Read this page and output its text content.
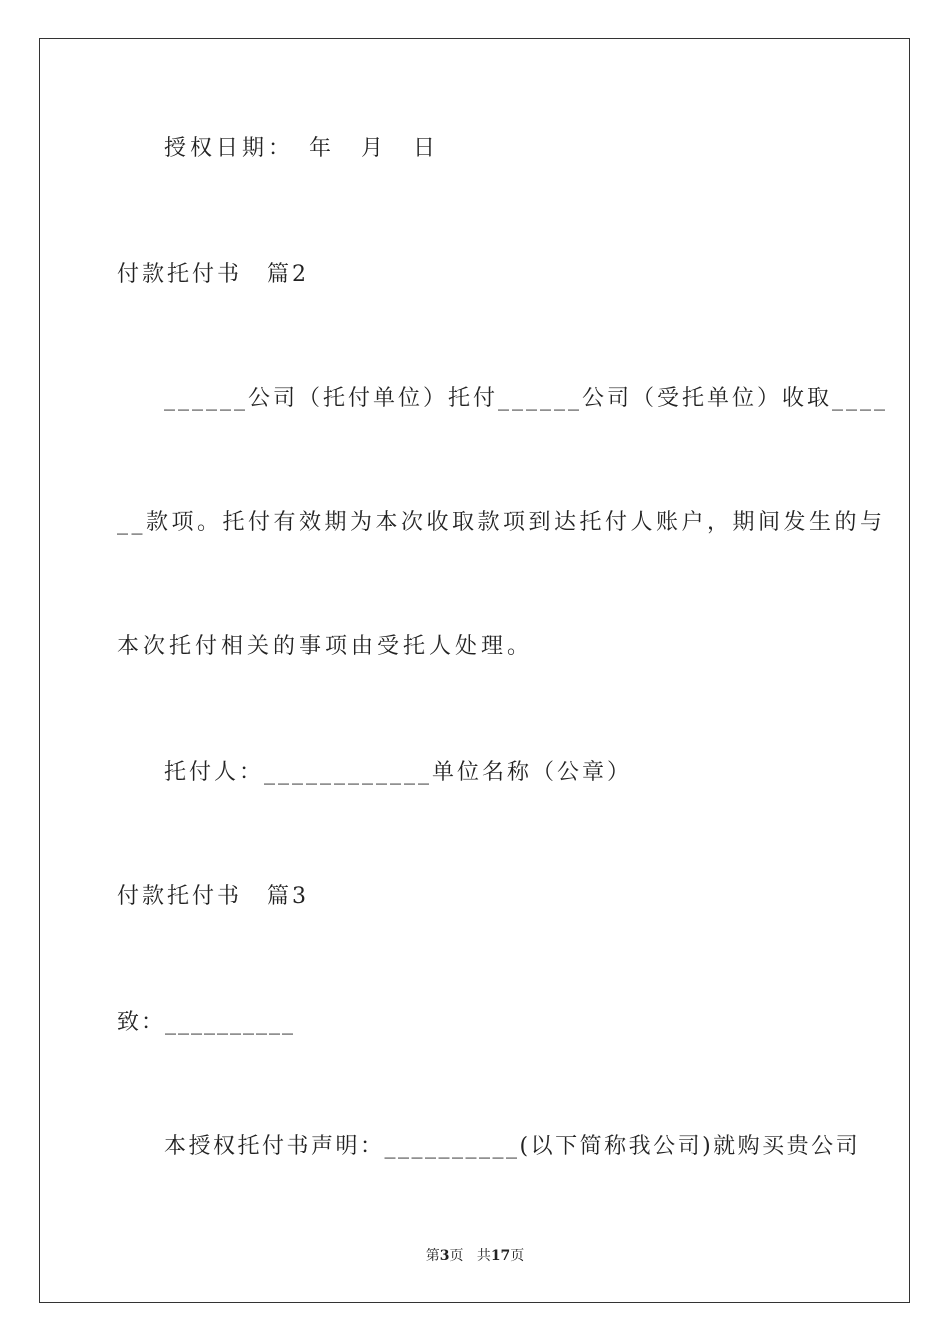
授权日期：　年　月　日
付款托付书　篇2
______公司（托付单位）托付______公司（受托单位）收取____
__款项。托付有效期为本次收取款项到达托付人账户，期间发生的与
本次托付相关的事项由受托人处理。
托付人：____________单位名称（公章）
付款托付书　篇3
致：__________
本授权托付书声明：__________(以下简称我公司)就购买贵公司
第3页 共17页
